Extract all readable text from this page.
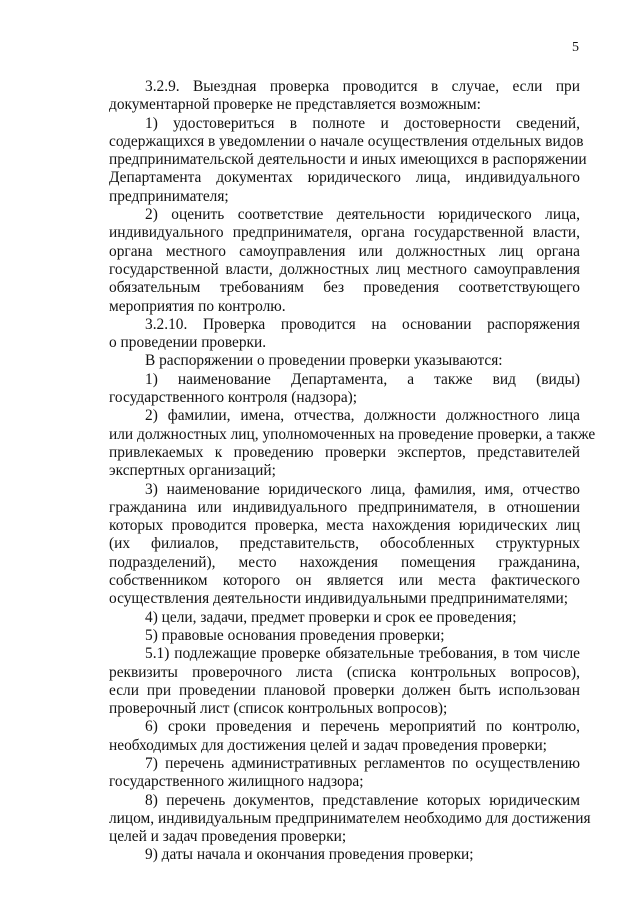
5
3.2.9. Выездная проверка проводится в случае, если при
документарной проверке не представляется возможным:
1) удостовериться в полноте и достоверности сведений,
содержащихся в уведомлении о начале осуществления отдельных видов
предпринимательской деятельности и иных имеющихся в распоряжении
Департамента документах юридического лица, индивидуального
предпринимателя;
2) оценить соответствие деятельности юридического лица,
индивидуального предпринимателя, органа государственной власти,
органа местного самоуправления или должностных лиц органа
государственной власти, должностных лиц местного самоуправления
обязательным требованиям без проведения соответствующего
мероприятия по контролю.
3.2.10. Проверка проводится на основании распоряжения
о проведении проверки.
В распоряжении о проведении проверки указываются:
1) наименование Департамента, а также вид (виды)
государственного контроля (надзора);
2) фамилии, имена, отчества, должности должностного лица
или должностных лиц, уполномоченных на проведение проверки, а также
привлекаемых к проведению проверки экспертов, представителей
экспертных организаций;
3) наименование юридического лица, фамилия, имя, отчество
гражданина или индивидуального предпринимателя, в отношении
которых проводится проверка, места нахождения юридических лиц
(их филиалов, представительств, обособленных структурных
подразделений), место нахождения помещения гражданина,
собственником которого он является или места фактического
осуществления деятельности индивидуальными предпринимателями;
4) цели, задачи, предмет проверки и срок ее проведения;
5) правовые основания проведения проверки;
5.1) подлежащие проверке обязательные требования, в том числе
реквизиты проверочного листа (списка контрольных вопросов),
если при проведении плановой проверки должен быть использован
проверочный лист (список контрольных вопросов);
6) сроки проведения и перечень мероприятий по контролю,
необходимых для достижения целей и задач проведения проверки;
7) перечень административных регламентов по осуществлению
государственного жилищного надзора;
8) перечень документов, представление которых юридическим
лицом, индивидуальным предпринимателем необходимо для достижения
целей и задач проведения проверки;
9) даты начала и окончания проведения проверки;
